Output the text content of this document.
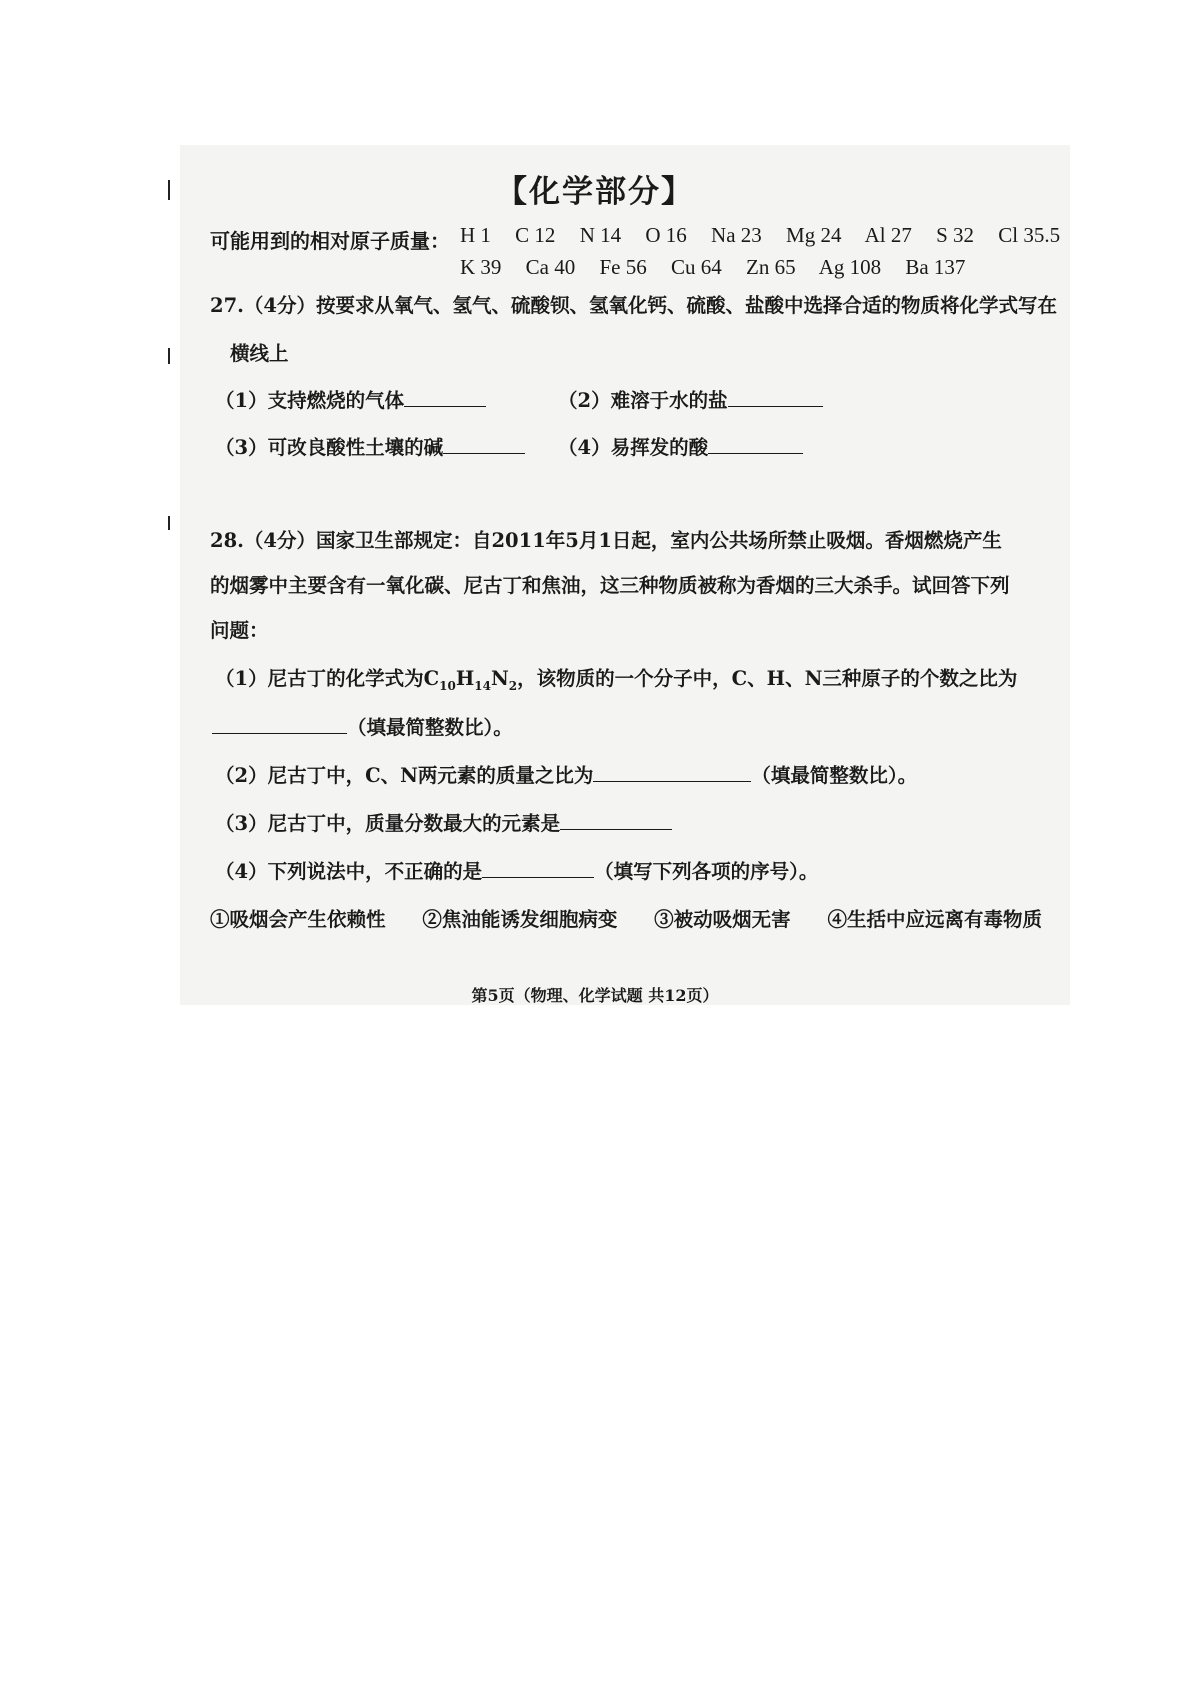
【化学部分】
可能用到的相对原子质量： H 1 C 12 N 14 O 16 Na 23 Mg 24 Al 27 S 32 Cl 35.5
K 39 Ca 40 Fe 56 Cu 64 Zn 65 Ag 108 Ba 137
27.（4分）按要求从氧气、氢气、硫酸钡、氢氧化钙、硫酸、盐酸中选择合适的物质将化学式写在
横线上
（1）支持燃烧的气体	（2）难溶于水的盐
（3）可改良酸性土壤的碱	（4）易挥发的酸
28.（4分）国家卫生部规定：自2011年5月1日起，室内公共场所禁止吸烟。香烟燃烧产生
的烟雾中主要含有一氧化碳、尼古丁和焦油，这三种物质被称为香烟的三大杀手。试回答下列
问题：
（1）尼古丁的化学式为$C_{10}H_{14}N_2$，该物质的一个分子中，C、H、N三种原子的个数之比为
（填最简整数比）。
（2）尼古丁中，C、N两元素的质量之比为	（填最简整数比）。
（3）尼古丁中，质量分数最大的元素是
（4）下列说法中，不正确的是	（填写下列各项的序号）。
①吸烟会产生依赖性 ②焦油能诱发细胞病变 ③被动吸烟无害 ④生括中应远离有毒物质
第5页（物理、化学试题 共12页）
